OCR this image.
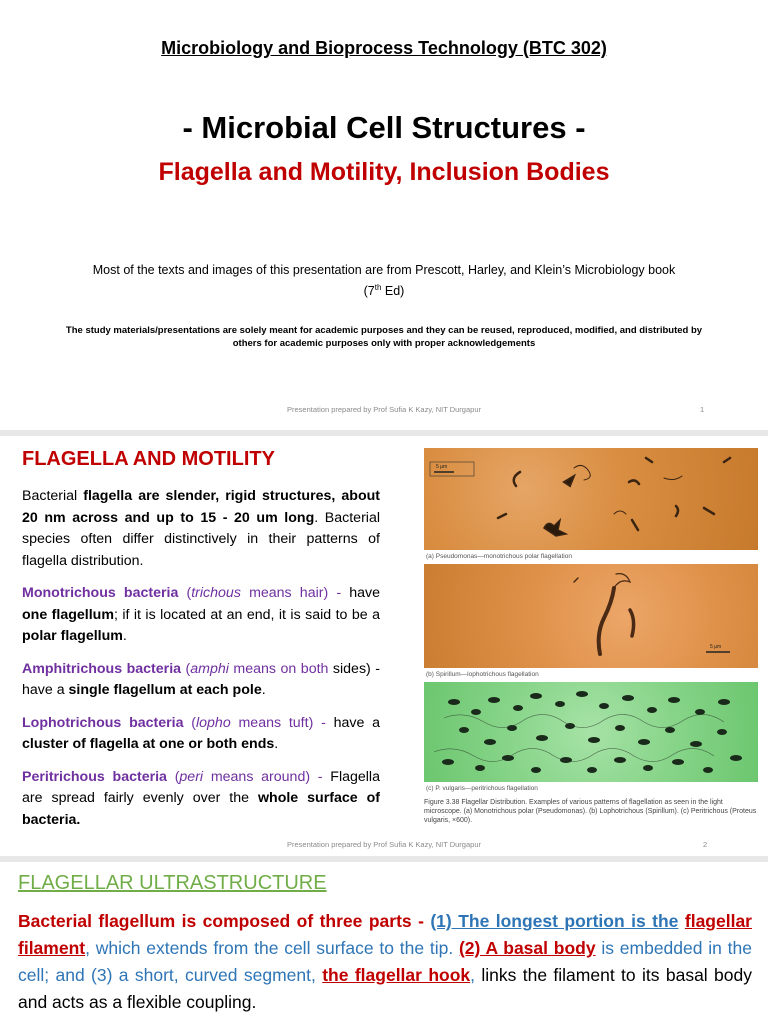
Microbiology and Bioprocess Technology (BTC 302)
- Microbial Cell Structures -
Flagella and Motility, Inclusion Bodies
Most of the texts and images of this presentation are from Prescott, Harley, and Klein’s Microbiology book
(7th Ed)
The study materials/presentations are solely meant for academic purposes and they can be reused, reproduced, modified, and distributed by others for academic purposes only with proper acknowledgements
Presentation prepared by Prof Sufia K Kazy, NIT Durgapur	1
FLAGELLA AND MOTILITY

Bacterial flagella are slender, rigid structures, about 20 nm across and up to 15 - 20 um long. Bacterial species often differ distinctively in their patterns of flagella distribution.

Monotrichous bacteria (trichous means hair) - have one flagellum; if it is located at an end, it is said to be a polar flagellum.

Amphitrichous bacteria (amphi means on both sides) - have a single flagellum at each pole.

Lophotrichous bacteria (lopho means tuft) - have a cluster of flagella at one or both ends.

Peritrichous bacteria (peri means around) - Flagella are spread fairly evenly over the whole surface of bacteria.

5 µm
(a) Pseudomonas—monotrichous polar flagellation
5 µm
(b) Spirillum—lophotrichous flagellation
(c) P. vulgaris—peritrichous flagellation
Figure 3.38 Flagellar Distribution. Examples of various patterns of flagellation as seen in the light microscope. (a) Monotrichous polar (Pseudomonas). (b) Lophotrichous (Spirillum). (c) Peritrichous (Proteus vulgaris, ×600).
Presentation prepared by Prof Sufia K Kazy, NIT Durgapur	2
FLAGELLAR ULTRASTRUCTURE
Bacterial flagellum is composed of three parts - (1) The longest portion is the flagellar filament, which extends from the cell surface to the tip. (2) A basal body is embedded in the cell; and (3) a short, curved segment, the flagellar hook, links the filament to its basal body and acts as a flexible coupling.
